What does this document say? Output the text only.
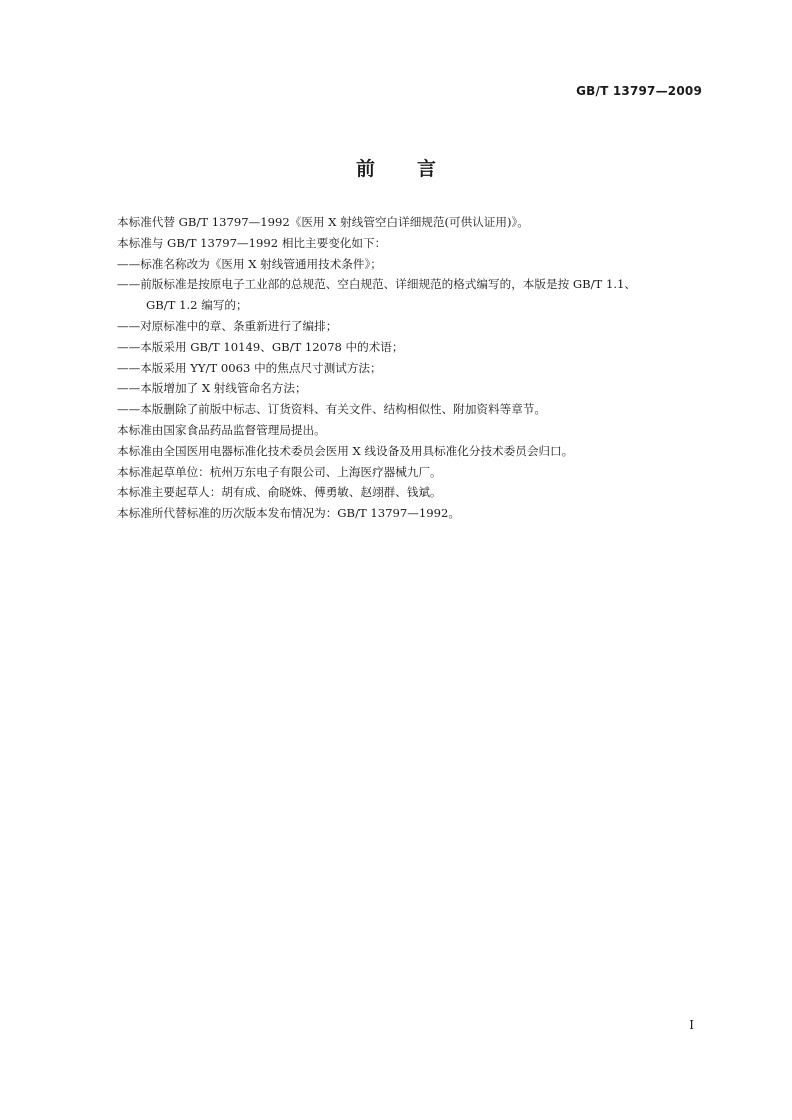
GB/T 13797—2009
前言
本标准代替 GB/T 13797—1992《医用 X 射线管空白详细规范(可供认证用)》。
本标准与 GB/T 13797—1992 相比主要变化如下：
——标准名称改为《医用 X 射线管通用技术条件》；
——前版标准是按原电子工业部的总规范、空白规范、详细规范的格式编写的，本版是按 GB/T 1.1、
GB/T 1.2 编写的；
——对原标准中的章、条重新进行了编排；
——本版采用 GB/T 10149、GB/T 12078 中的术语；
——本版采用 YY/T 0063 中的焦点尺寸测试方法；
——本版增加了 X 射线管命名方法；
——本版删除了前版中标志、订货资料、有关文件、结构相似性、附加资料等章节。
本标准由国家食品药品监督管理局提出。
本标准由全国医用电器标准化技术委员会医用 X 线设备及用具标准化分技术委员会归口。
本标准起草单位：杭州万东电子有限公司、上海医疗器械九厂。
本标准主要起草人：胡有成、俞晓姝、傅勇敏、赵翊群、钱斌。
本标准所代替标准的历次版本发布情况为：GB/T 13797—1992。
I
